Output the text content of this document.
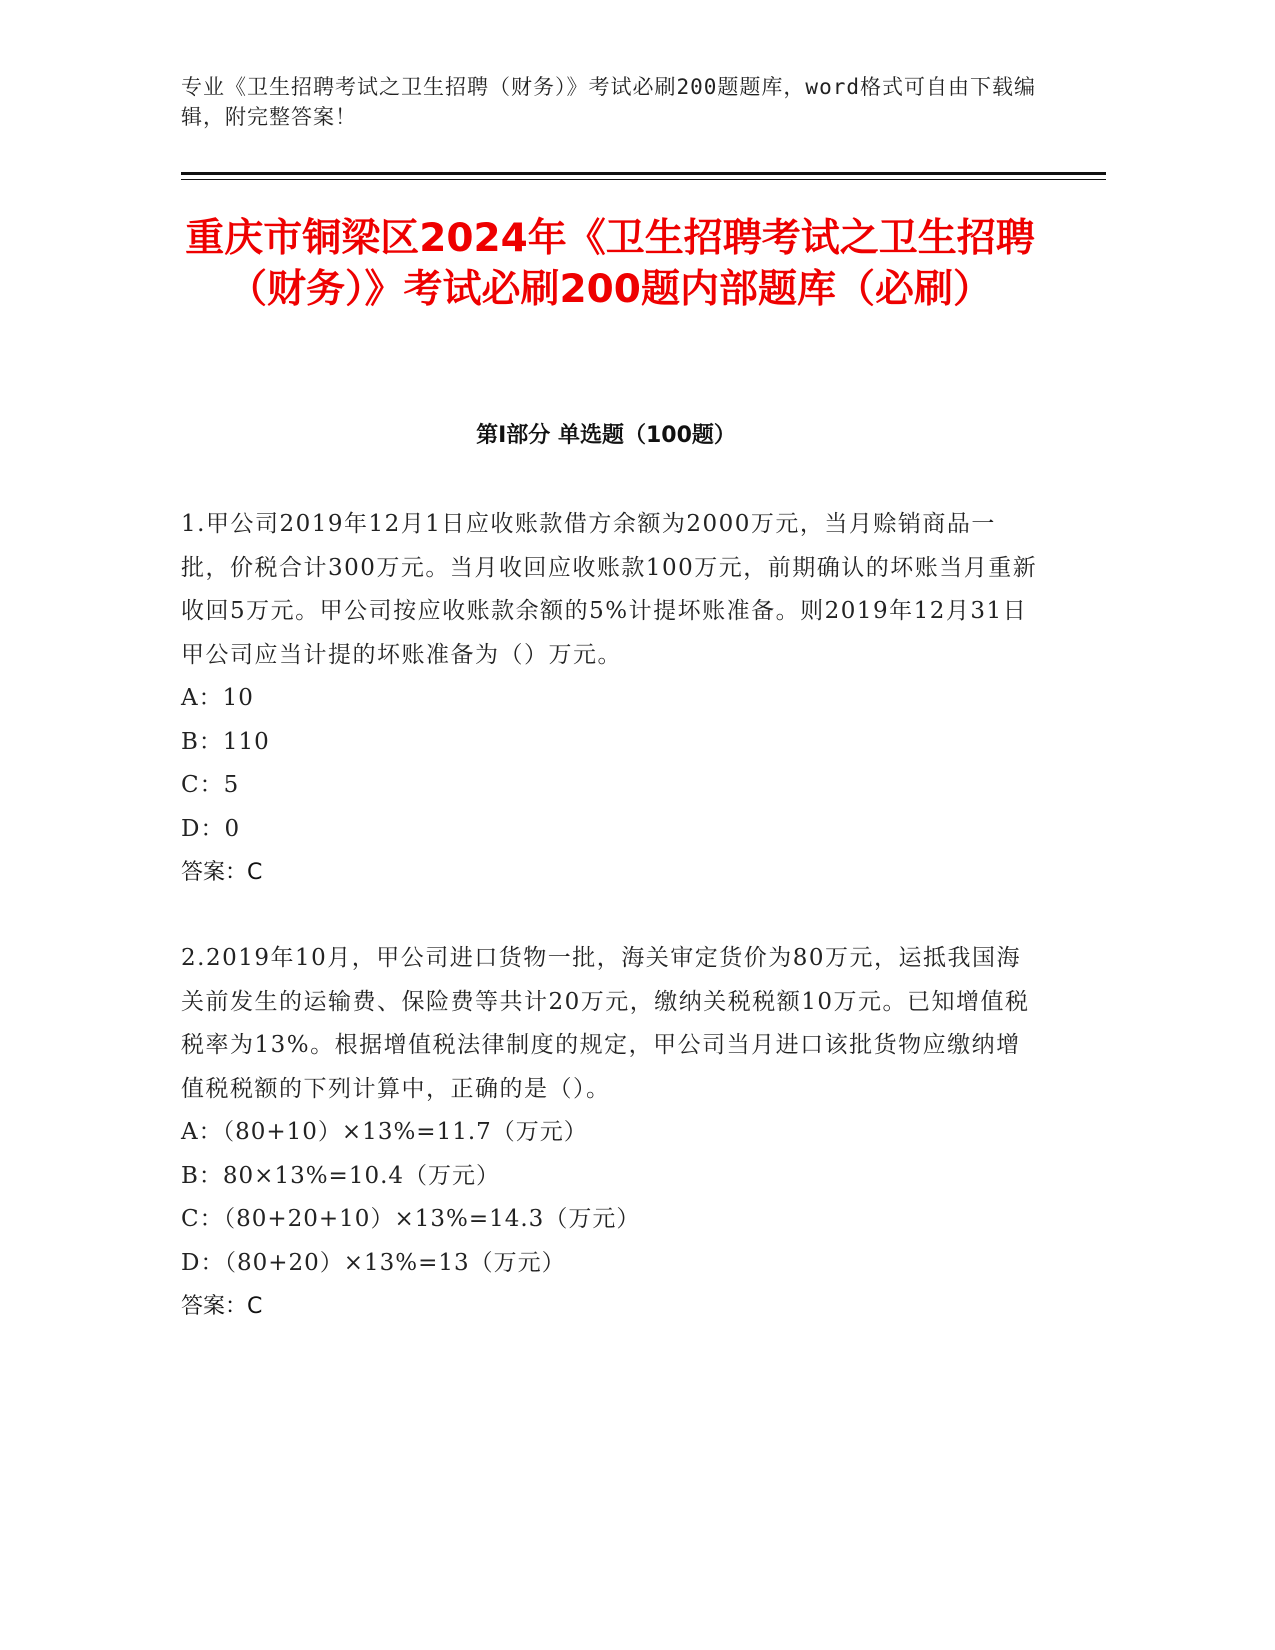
专业《卫生招聘考试之卫生招聘（财务）》考试必刷200题题库，word格式可自由下载编辑，附完整答案！
重庆市铜梁区2024年《卫生招聘考试之卫生招聘（财务）》考试必刷200题内部题库（必刷）
第I部分 单选题（100题）

1.甲公司2019年12月1日应收账款借方余额为2000万元，当月赊销商品一批，价税合计300万元。当月收回应收账款100万元，前期确认的坏账当月重新收回5万元。甲公司按应收账款余额的5%计提坏账准备。则2019年12月31日甲公司应当计提的坏账准备为（）万元。

A：10

B：110

C：5

D：0

答案：C

2.2019年10月，甲公司进口货物一批，海关审定货价为80万元，运抵我国海关前发生的运输费、保险费等共计20万元，缴纳关税税额10万元。已知增值税税率为13%。根据增值税法律制度的规定，甲公司当月进口该批货物应缴纳增值税税额的下列计算中，正确的是（）。

A：（80+10）×13%=11.7（万元）

B：80×13%=10.4（万元）

C：（80+20+10）×13%=14.3（万元）

D：（80+20）×13%=13（万元）

答案：C
